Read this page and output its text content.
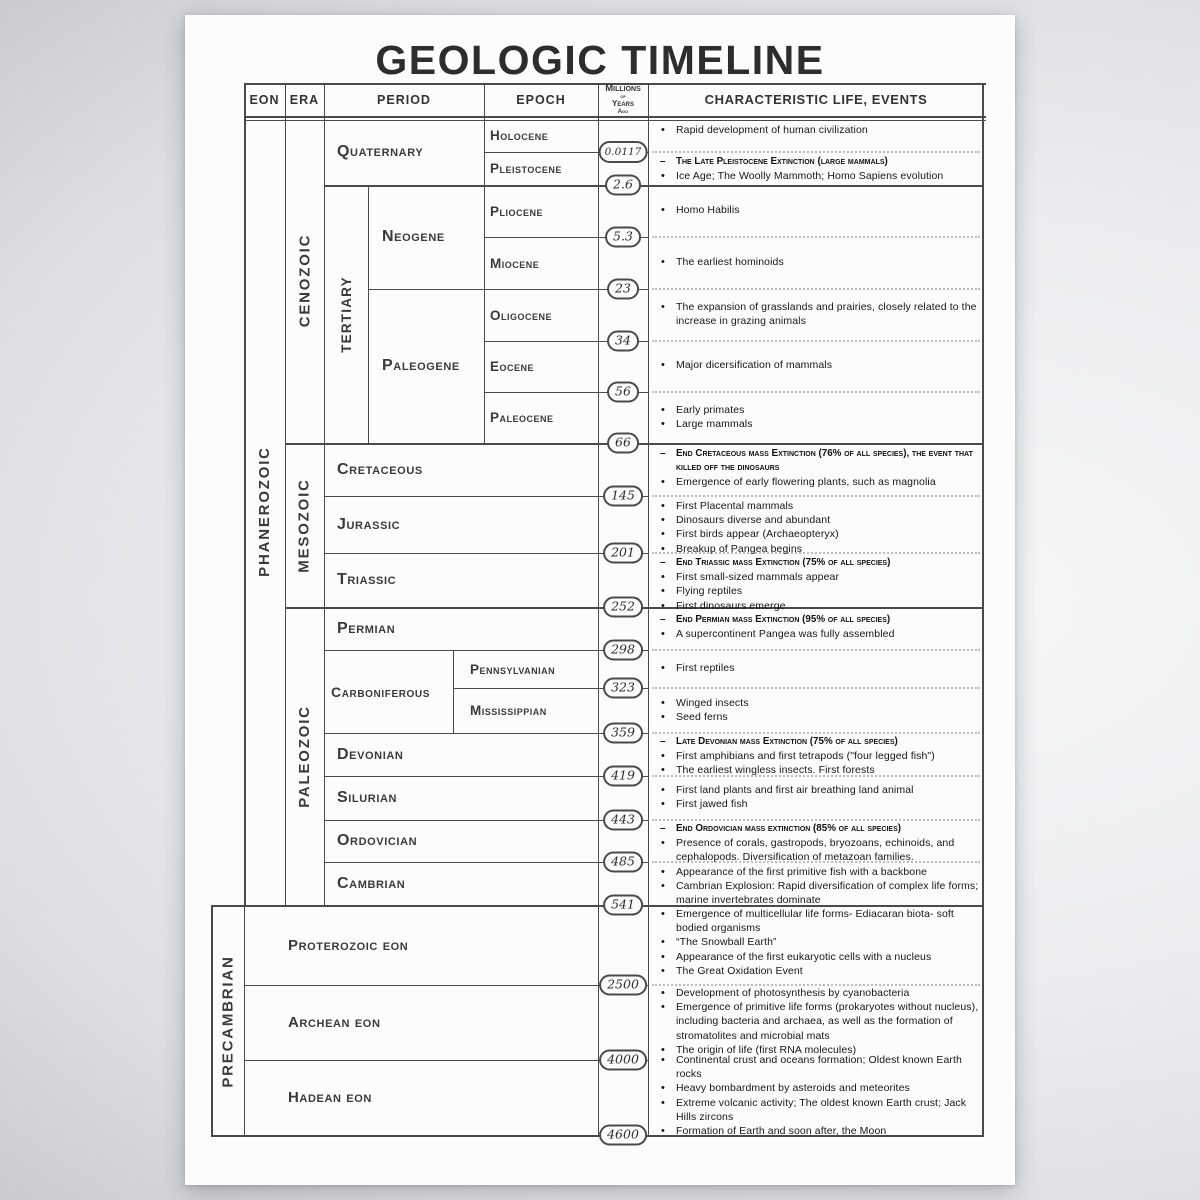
GEOLOGIC TIMELINE
EON ERA	PERIOD	EPOCH
Millions
of
Years
Ago
CHARACTERISTIC LIFE, EVENTS
PHANEROZOIC
PRECAMBRIAN
CENOZOIC
MESOZOIC
PALEOZOIC
TERTIARY
Quaternary
Neogene
Paleogene
Cretaceous
Jurassic
Triassic
Permian
Carboniferous
Devonian
Silurian
Ordovician
Cambrian
Holocene
Pleistocene
Pliocene
Miocene
Oligocene
Eocene
Paleocene
Pennsylvanian
Mississippian
Proterozoic eon
Archean eon
Hadean eon
0.0117
2.6
5.3
23
34
56
66
145
201
252
298
323
359
419
443
485
541
2500
4000
4600
• Rapid development of human civilization
– The Late Pleistocene Extinction (large mammals)
• Ice Age; The Woolly Mammoth; Homo Sapiens evolution
• Homo Habilis
• The earliest hominoids
• The expansion of grasslands and prairies, closely related to the increase in grazing animals
• Major dicersification of mammals
• Early primates
• Large mammals
– End Cretaceous mass Extinction (76% of all species), the event that killed off the dinosaurs
• Emergence of early flowering plants, such as magnolia
• First Placental mammals
• Dinosaurs diverse and abundant
• First birds appear (Archaeopteryx)
• Breakup of Pangea begins
– End Triassic mass Extinction (75% of all species)
• First small-sized mammals appear
• Flying reptiles
• First dinosaurs emerge
– End Permian mass Extinction (95% of all species)
• A supercontinent Pangea was fully assembled
• First reptiles
• Winged insects
• Seed ferns
– Late Devonian mass Extinction (75% of all species)
• First amphibians and first tetrapods ("four legged fish")
• The earliest wingless insects. First forests
• First land plants and first air breathing land animal
• First jawed fish
– End Ordovician mass extinction (85% of all species)
• Presence of corals, gastropods, bryozoans, echinoids, and cephalopods. Diversification of metazoan families.
• Appearance of the first primitive fish with a backbone
• Cambrian Explosion: Rapid diversification of complex life forms; marine invertebrates dominate
• Emergence of multicellular life forms- Ediacaran biota- soft bodied organisms
• “The Snowball Earth”
• Appearance of the first eukaryotic cells with a nucleus
• The Great Oxidation Event
• Development of photosynthesis by cyanobacteria
• Emergence of primitive life forms (prokaryotes without nucleus), including bacteria and archaea, as well as the formation of stromatolites and microbial mats
• The origin of life (first RNA molecules)
• Continental crust and oceans formation; Oldest known Earth rocks
• Heavy bombardment by asteroids and meteorites
• Extreme volcanic activity; The oldest known Earth crust; Jack Hills zircons
• Formation of Earth and soon after, the Moon
